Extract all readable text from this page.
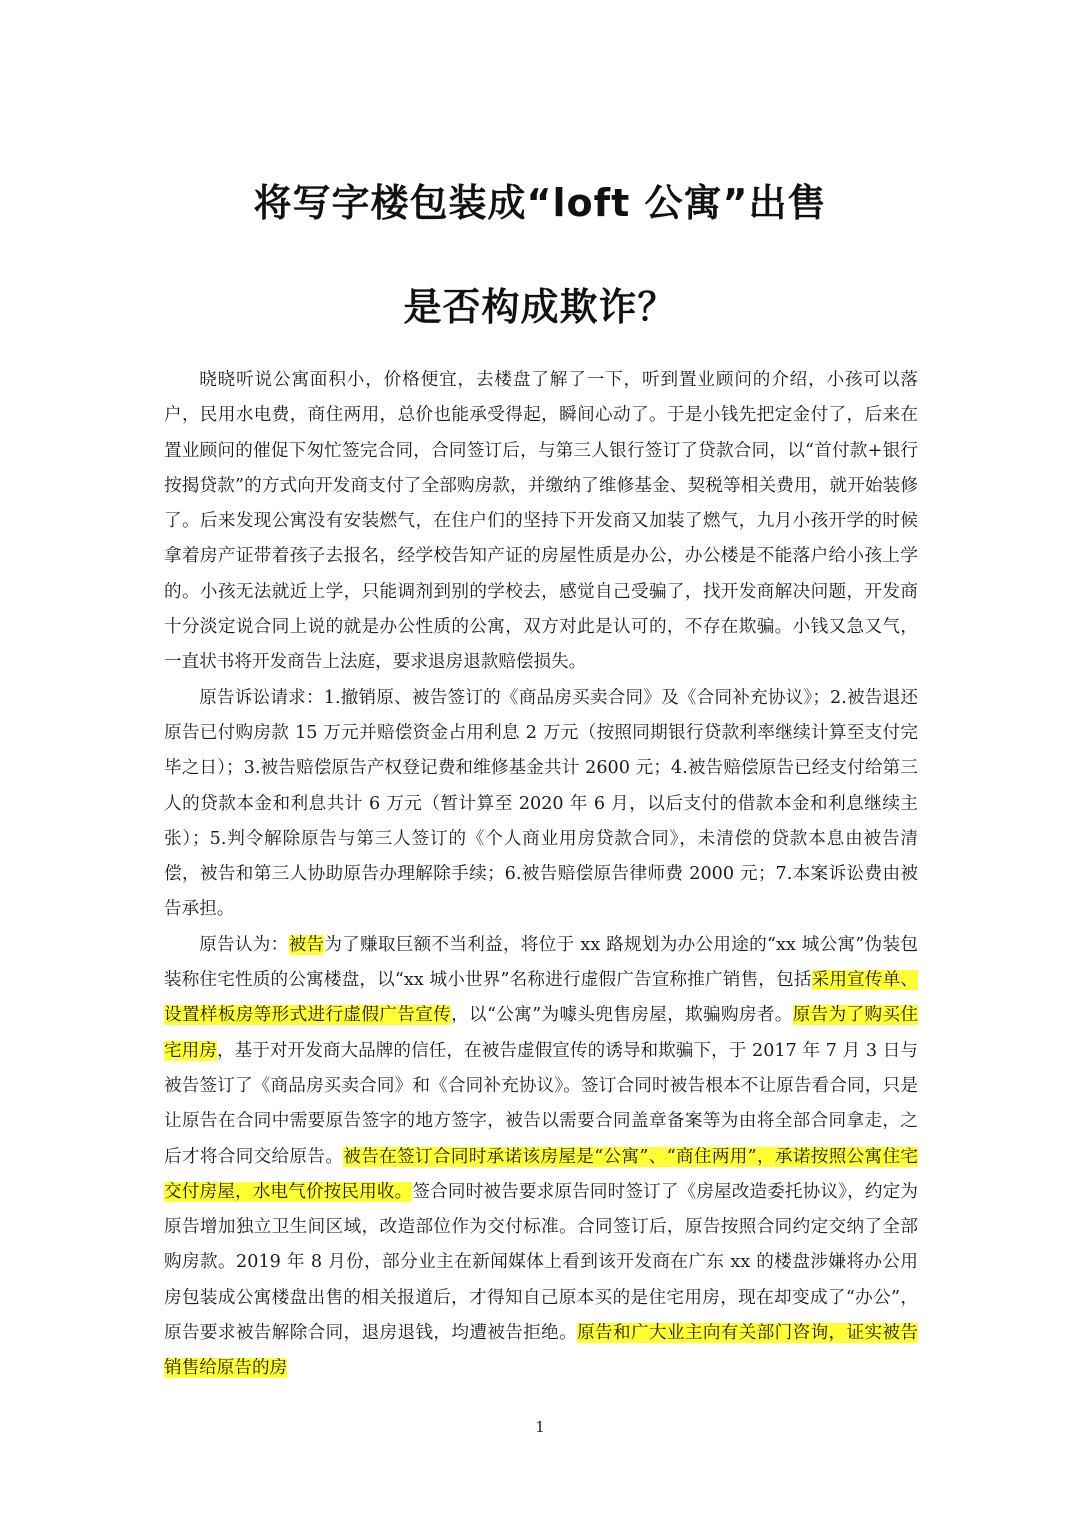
将写字楼包装成“loft 公寓”出售
是否构成欺诈？

晓晓听说公寓面积小，价格便宜，去楼盘了解了一下，听到置业顾问的介绍，小孩可以落户，民用水电费，商住两用，总价也能承受得起，瞬间心动了。于是小钱先把定金付了，后来在置业顾问的催促下匆忙签完合同，合同签订后，与第三人银行签订了贷款合同，以“首付款+银行按揭贷款”的方式向开发商支付了全部购房款，并缴纳了维修基金、契税等相关费用，就开始装修了。后来发现公寓没有安装燃气，在住户们的坚持下开发商又加装了燃气，九月小孩开学的时候拿着房产证带着孩子去报名，经学校告知产证的房屋性质是办公，办公楼是不能落户给小孩上学的。小孩无法就近上学，只能调剂到别的学校去，感觉自己受骗了，找开发商解决问题，开发商十分淡定说合同上说的就是办公性质的公寓，双方对此是认可的，不存在欺骗。小钱又急又气，一直状书将开发商告上法庭，要求退房退款赔偿损失。

原告诉讼请求：1.撤销原、被告签订的《商品房买卖合同》及《合同补充协议》；2.被告退还原告已付购房款 15 万元并赔偿资金占用利息 2 万元（按照同期银行贷款利率继续计算至支付完毕之日）；3.被告赔偿原告产权登记费和维修基金共计 2600 元；4.被告赔偿原告已经支付给第三人的贷款本金和利息共计 6 万元（暂计算至 2020 年 6 月，以后支付的借款本金和利息继续主张）；5.判令解除原告与第三人签订的《个人商业用房贷款合同》，未清偿的贷款本息由被告清偿，被告和第三人协助原告办理解除手续；6.被告赔偿原告律师费 2000 元；7.本案诉讼费由被告承担。

原告认为：被告为了赚取巨额不当利益，将位于 xx 路规划为办公用途的“xx 城公寓”伪装包装称住宅性质的公寓楼盘，以“xx 城小世界”名称进行虚假广告宣称推广销售，包括采用宣传单、设置样板房等形式进行虚假广告宣传，以“公寓”为噱头兜售房屋，欺骗购房者。原告为了购买住宅用房，基于对开发商大品牌的信任，在被告虚假宣传的诱导和欺骗下，于 2017 年 7 月 3 日与被告签订了《商品房买卖合同》和《合同补充协议》。签订合同时被告根本不让原告看合同，只是让原告在合同中需要原告签字的地方签字，被告以需要合同盖章备案等为由将全部合同拿走，之后才将合同交给原告。被告在签订合同时承诺该房屋是“公寓”、“商住两用”，承诺按照公寓住宅交付房屋，水电气价按民用收。签合同时被告要求原告同时签订了《房屋改造委托协议》，约定为原告增加独立卫生间区域，改造部位作为交付标准。合同签订后，原告按照合同约定交纳了全部购房款。2019 年 8 月份，部分业主在新闻媒体上看到该开发商在广东 xx 的楼盘涉嫌将办公用房包装成公寓楼盘出售的相关报道后，才得知自己原本买的是住宅用房，现在却变成了“办公”，原告要求被告解除合同，退房退钱，均遭被告拒绝。原告和广大业主向有关部门咨询，证实被告销售给原告的房

1
